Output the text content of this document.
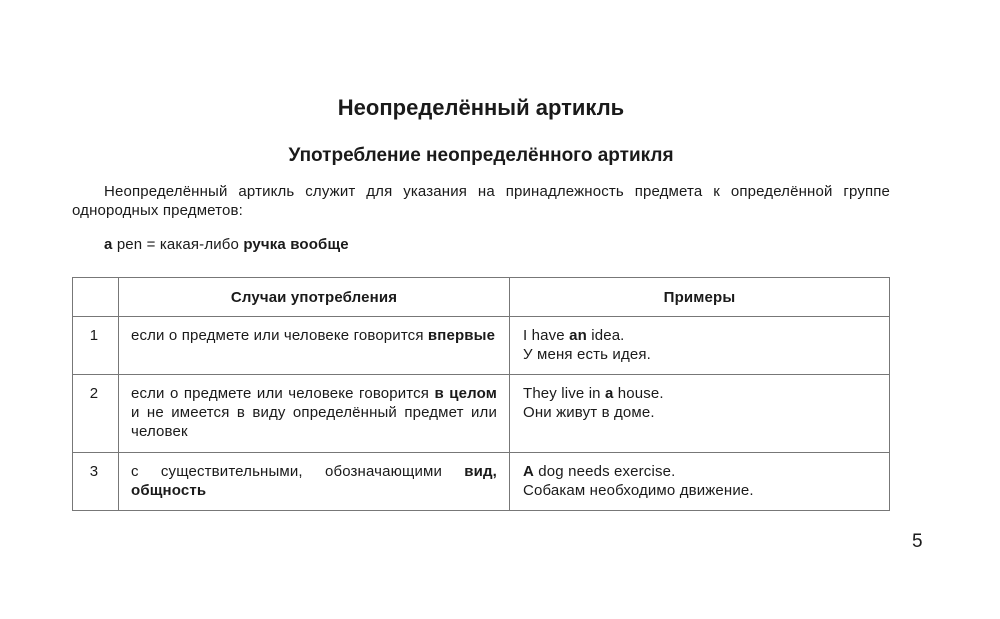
Неопределённый артикль
Употребление неопределённого артикля

Неопределённый артикль служит для указания на принадлежность предмета к определённой группе однородных предметов:

a pen = какая-либо ручка вообще

	Случаи употребления	Примеры
1	если о предмете или человеке говорится впервые	I have an idea.
У меня есть идея.

2	если о предмете или человеке говорится в целом и не имеется в виду определённый предмет или человек	They live in a house.
Они живут в доме.

3	с существительными, обозначающими вид, общность	A dog needs exercise.
Собакам необходимо движение.
5
